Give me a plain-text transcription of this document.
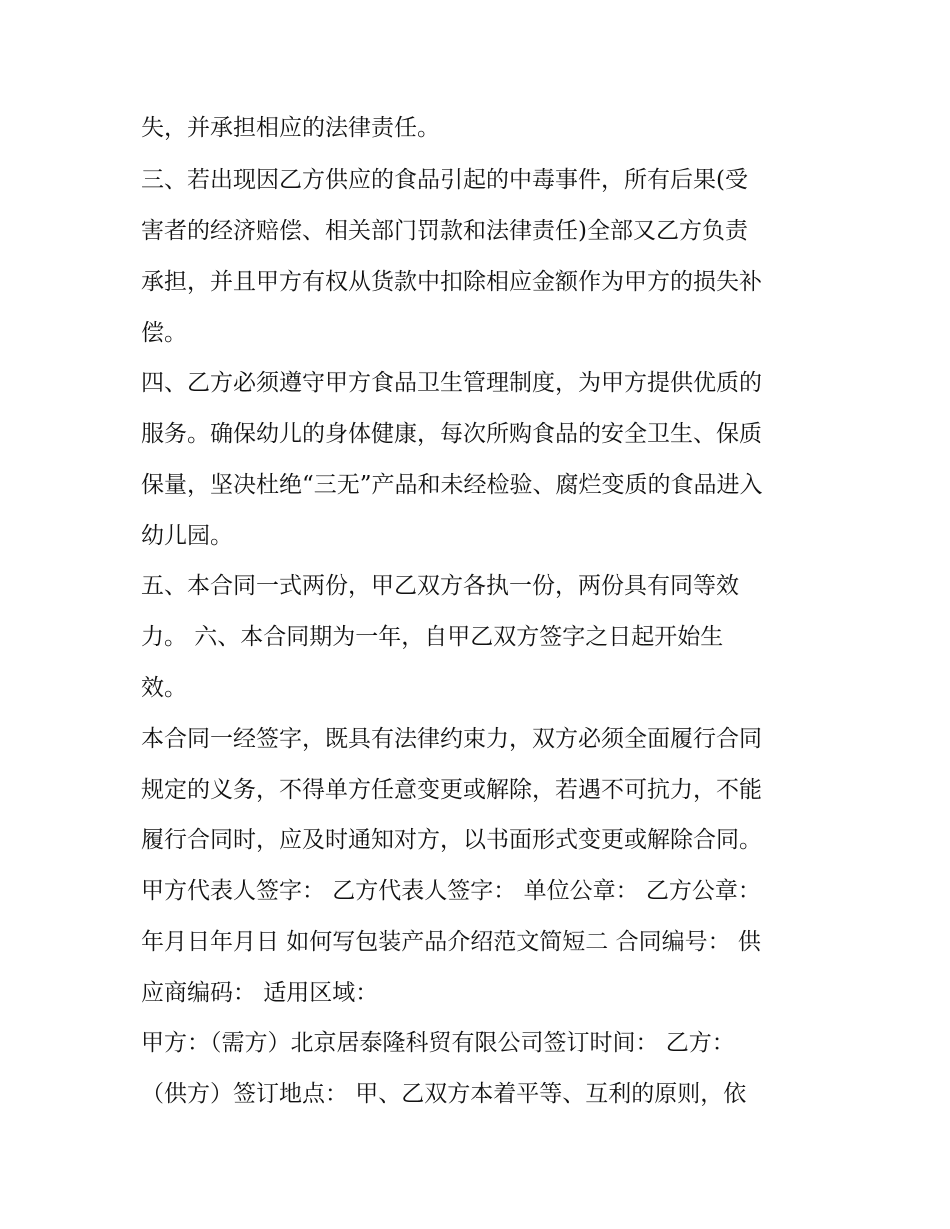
失，并承担相应的法律责任。

三、若出现因乙方供应的食品引起的中毒事件，所有后果(受

害者的经济赔偿、相关部门罚款和法律责任)全部又乙方负责

承担，并且甲方有权从货款中扣除相应金额作为甲方的损失补

偿。

四、乙方必须遵守甲方食品卫生管理制度，为甲方提供优质的

服务。确保幼儿的身体健康，每次所购食品的安全卫生、保质

保量，坚决杜绝“三无”产品和未经检验、腐烂变质的食品进入

幼儿园。

五、本合同一式两份，甲乙双方各执一份，两份具有同等效

力。 六、本合同期为一年，自甲乙双方签字之日起开始生

效。

本合同一经签字，既具有法律约束力，双方必须全面履行合同

规定的义务，不得单方任意变更或解除，若遇不可抗力，不能

履行合同时，应及时通知对方，以书面形式变更或解除合同。

甲方代表人签字： 乙方代表人签字： 单位公章： 乙方公章：

年月日年月日 如何写包装产品介绍范文简短二 合同编号： 供

应商编码： 适用区域：

甲方：（需方）北京居泰隆科贸有限公司签订时间： 乙方：

（供方）签订地点： 甲、乙双方本着平等、互利的原则，依
